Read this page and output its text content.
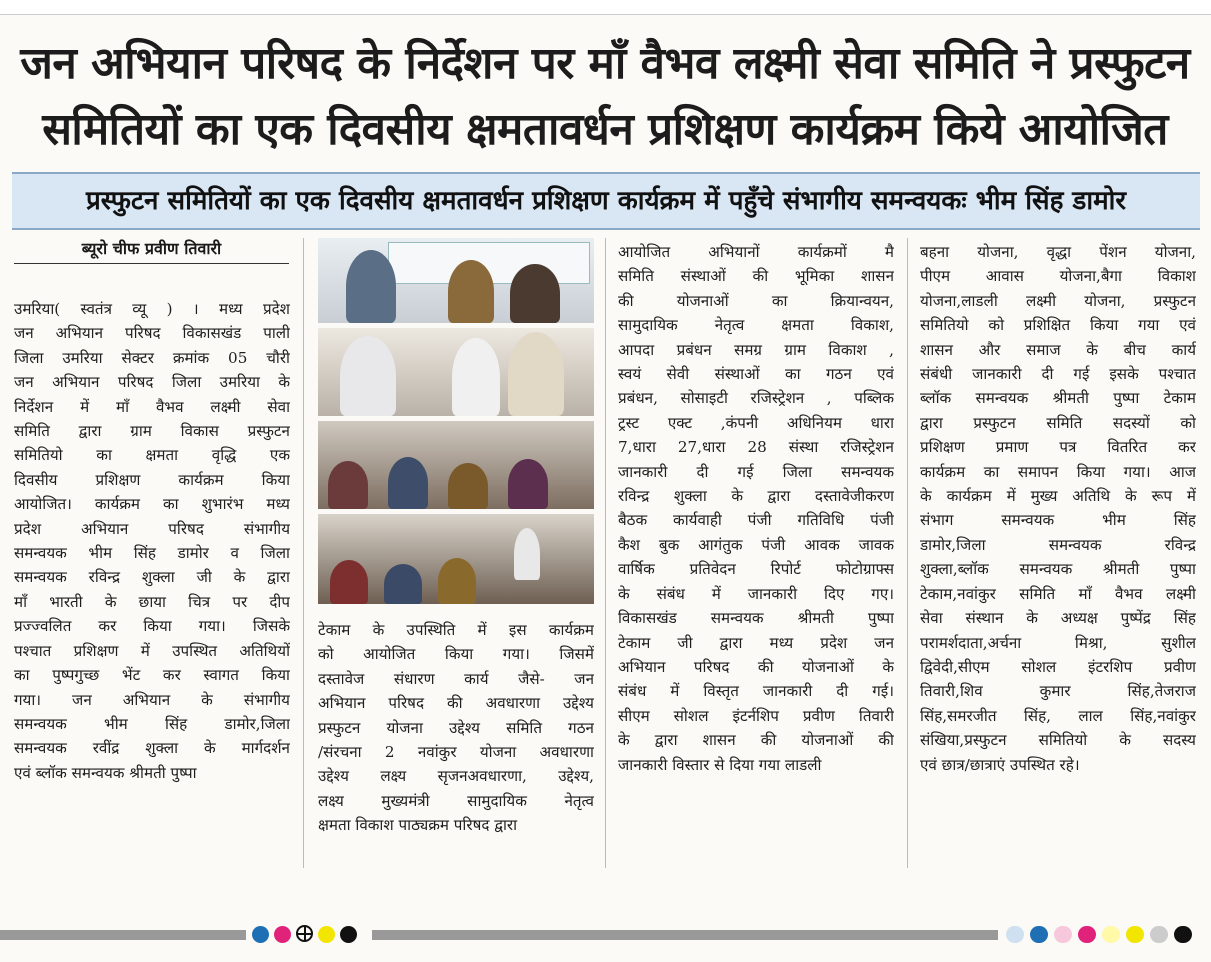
जन अभियान परिषद के निर्देशन पर माँ वैभव लक्ष्मी सेवा समिति ने प्रस्फुटन
समितियों का एक दिवसीय क्षमतावर्धन प्रशिक्षण कार्यक्रम किये आयोजित
प्रस्फुटन समितियों का एक दिवसीय क्षमतावर्धन प्रशिक्षण कार्यक्रम में पहुँचे संभागीय समन्वयकः भीम सिंह डामोर
ब्यूरो चीफ प्रवीण तिवारी
उमरिया( स्वतंत्र व्यू ) । मध्य प्रदेश
जन अभियान परिषद विकासखंड पाली
जिला उमरिया सेक्टर क्रमांक 05 चौरी
जन अभियान परिषद जिला उमरिया के
निर्देशन में माँ वैभव लक्ष्मी सेवा
समिति द्वारा ग्राम विकास प्रस्फुटन
समितियो का क्षमता वृद्धि एक
दिवसीय प्रशिक्षण कार्यक्रम किया
आयोजित। कार्यक्रम का शुभारंभ मध्य
प्रदेश अभियान परिषद संभागीय
समन्वयक भीम सिंह डामोर व जिला
समन्वयक रविन्द्र शुक्ला जी के द्वारा
माँ भारती के छाया चित्र पर दीप
प्रज्ज्वलित कर किया गया। जिसके
पश्चात प्रशिक्षण में उपस्थित अतिथियों
का पुष्पगुच्छ भेंट कर स्वागत किया
गया। जन अभियान के संभागीय
समन्वयक भीम सिंह डामोर,जिला
समन्वयक रवींद्र शुक्ला के मार्गदर्शन
एवं ब्लॉक समन्वयक श्रीमती पुष्पा
टेकाम के उपस्थिति में इस कार्यक्रम
को आयोजित किया गया। जिसमें
दस्तावेज संधारण कार्य जैसे- जन
अभियान परिषद की अवधारणा उद्देश्य
प्रस्फुटन योजना उद्देश्य समिति गठन
/संरचना 2 नवांकुर योजना अवधारणा
उद्देश्य लक्ष्य सृजनअवधारणा, उद्देश्य,
लक्ष्य मुख्यमंत्री सामुदायिक नेतृत्व
क्षमता विकाश पाठ्यक्रम परिषद द्वारा
आयोजित अभियानों कार्यक्रमों मै
समिति संस्थाओं की भूमिका शासन
की योजनाओं का क्रियान्वयन,
सामुदायिक नेतृत्व क्षमता विकाश,
आपदा प्रबंधन समग्र ग्राम विकाश ,
स्वयं सेवी संस्थाओं का गठन एवं
प्रबंधन, सोसाइटी रजिस्ट्रेशन , पब्लिक
ट्रस्ट एक्ट ,कंपनी अधिनियम धारा
7,धारा 27,धारा 28 संस्था रजिस्ट्रेशन
जानकारी दी गई जिला समन्वयक
रविन्द्र शुक्ला के द्वारा दस्तावेजीकरण
बैठक कार्यवाही पंजी गतिविधि पंजी
कैश बुक आगंतुक पंजी आवक जावक
वार्षिक प्रतिवेदन रिपोर्ट फोटोग्राफ्स
के संबंध में जानकारी दिए गए।
विकासखंड समन्वयक श्रीमती पुष्पा
टेकाम जी द्वारा मध्य प्रदेश जन
अभियान परिषद की योजनाओं के
संबंध में विस्तृत जानकारी दी गई।
सीएम सोशल इंटर्नशिप प्रवीण तिवारी
के द्वारा शासन की योजनाओं की
जानकारी विस्तार से दिया गया लाडली
बहना योजना, वृद्धा पेंशन योजना,
पीएम आवास योजना,बैगा विकाश
योजना,लाडली लक्ष्मी योजना, प्रस्फुटन
समितियो को प्रशिक्षित किया गया एवं
शासन और समाज के बीच कार्य
संबंधी जानकारी दी गई इसके पश्चात
ब्लॉक समन्वयक श्रीमती पुष्पा टेकाम
द्वारा प्रस्फुटन समिति सदस्यों को
प्रशिक्षण प्रमाण पत्र वितरित कर
कार्यक्रम का समापन किया गया। आज
के कार्यक्रम में मुख्य अतिथि के रूप में
संभाग समन्वयक भीम सिंह
डामोर,जिला समन्वयक रविन्द्र
शुक्ला,ब्लॉक समन्वयक श्रीमती पुष्पा
टेकाम,नवांकुर समिति माँ वैभव लक्ष्मी
सेवा संस्थान के अध्यक्ष पुष्पेंद्र सिंह
परामर्शदाता,अर्चना मिश्रा, सुशील
द्विवेदी,सीएम सोशल इंटरशिप प्रवीण
तिवारी,शिव कुमार सिंह,तेजराज
सिंह,समरजीत सिंह, लाल सिंह,नवांकुर
संखिया,प्रस्फुटन समितियो के सदस्य
एवं छात्र/छात्राएं उपस्थित रहे।
